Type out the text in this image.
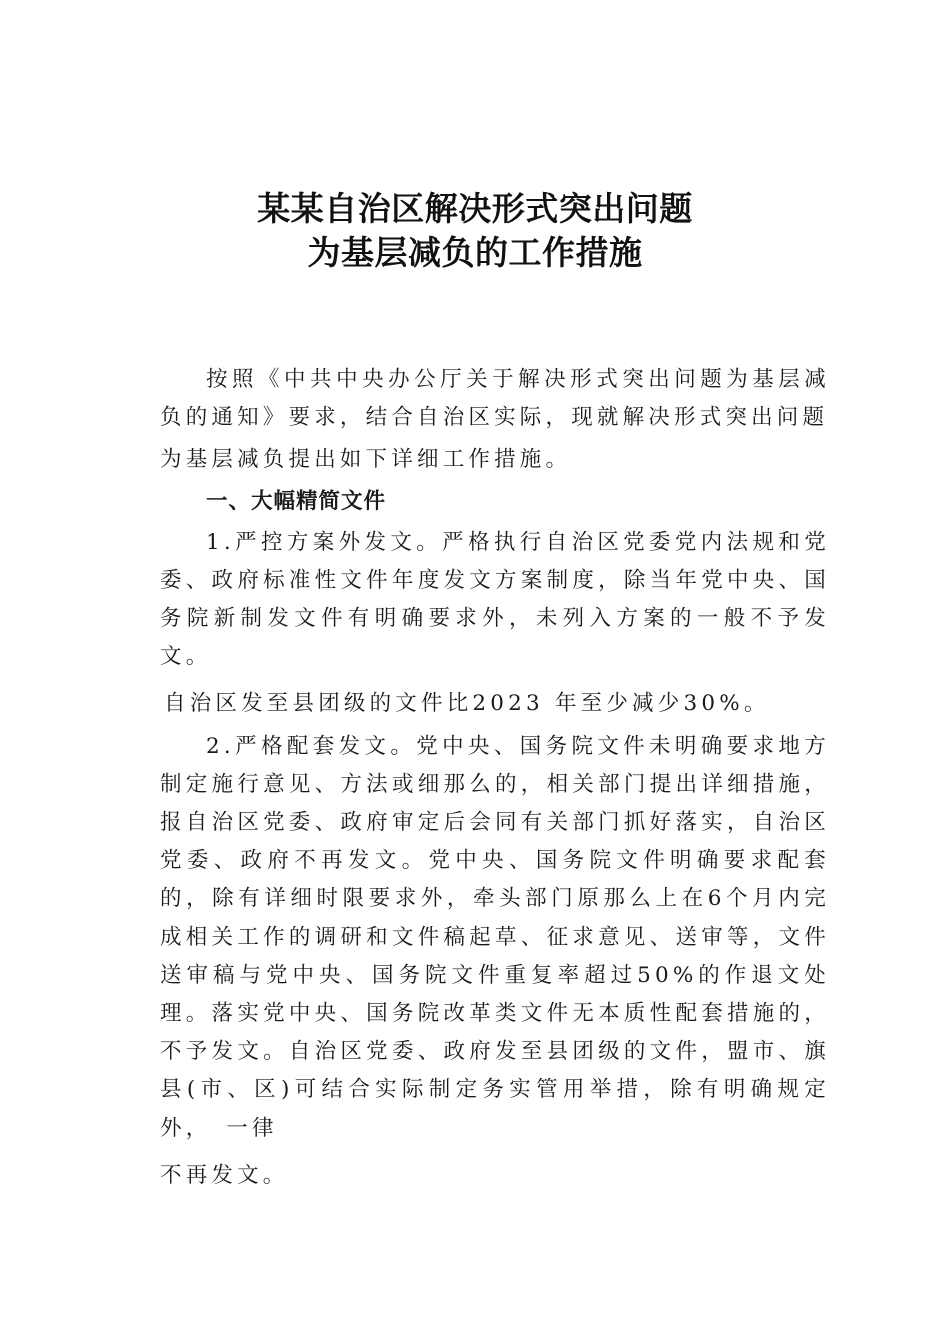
某某自治区解决形式突出问题
为基层减负的工作措施

按照《中共中央办公厅关于解决形式突出问题为基层减负的通知》要求，结合自治区实际，现就解决形式突出问题

为基层减负提出如下详细工作措施。

一、大幅精简文件

1.严控方案外发文。严格执行自治区党委党内法规和党委、政府标准性文件年度发文方案制度，除当年党中央、国务院新制发文件有明确要求外，未列入方案的一般不予发文。

自治区发至县团级的文件比2023 年至少减少30%。

2.严格配套发文。党中央、国务院文件未明确要求地方制定施行意见、方法或细那么的，相关部门提出详细措施，报自治区党委、政府审定后会同有关部门抓好落实，自治区党委、政府不再发文。党中央、国务院文件明确要求配套的，除有详细时限要求外，牵头部门原那么上在6个月内完成相关工作的调研和文件稿起草、征求意见、送审等，文件送审稿与党中央、国务院文件重复率超过50%的作退文处理。落实党中央、国务院改革类文件无本质性配套措施的，不予发文。自治区党委、政府发至县团级的文件，盟市、旗县(市、区)可结合实际制定务实管用举措，除有明确规定外，　一律

不再发文。
